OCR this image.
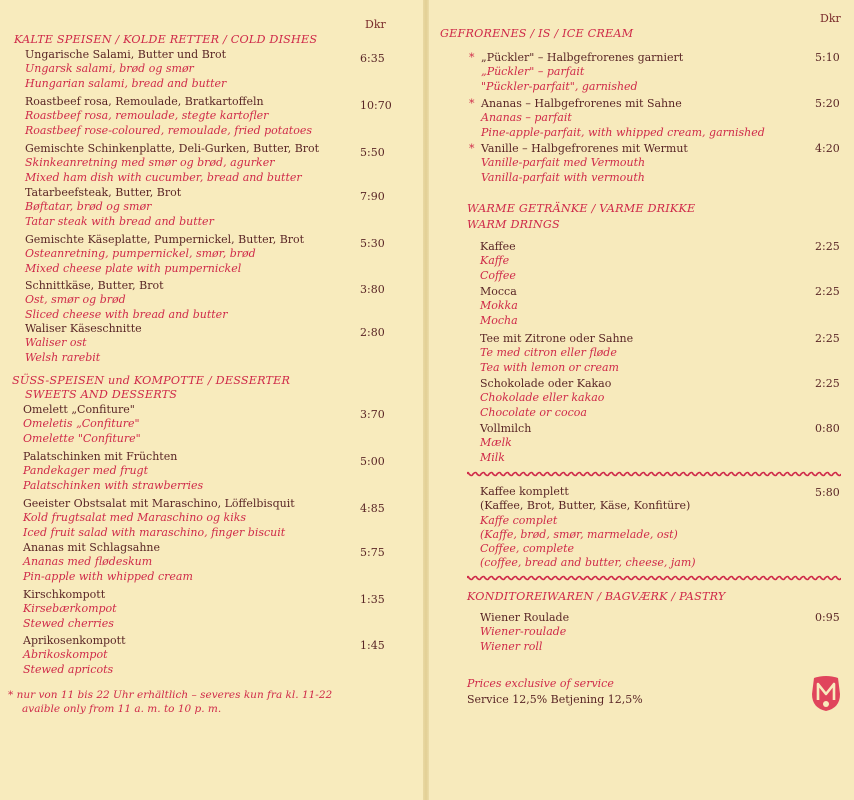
Dkr
KALTE SPEISEN / KOLDE RETTER / COLD DISHES
Ungarische Salami, Butter und Brot
Ungarsk salami, brød og smør
Hungarian salami, bread and butter
6:35
Roastbeef rosa, Remoulade, Bratkartoffeln
Roastbeef rosa, remoulade, stegte kartofler
Roastbeef rose-coloured, remoulade, fried potatoes
10:70
Gemischte Schinkenplatte, Deli-Gurken, Butter, Brot
Skinkeanretning med smør og brød, agurker
Mixed ham dish with cucumber, bread and butter
5:50
Tatarbeefsteak, Butter, Brot
Bøftatar, brød og smør
Tatar steak with bread and butter
7:90
Gemischte Käseplatte, Pumpernickel, Butter, Brot
Osteanretning, pumpernickel, smør, brød
Mixed cheese plate with pumpernickel
5:30
Schnittkäse, Butter, Brot
Ost, smør og brød
Sliced cheese with bread and butter
3:80
Waliser Käseschnitte
Waliser ost
Welsh rarebit
2:80
SÜSS-SPEISEN und KOMPOTTE / DESSERTER
SWEETS AND DESSERTS
Omelett „Confiture"
Omeletis „Confiture"
Omelette "Confiture"
3:70
Palatschinken mit Früchten
Pandekager med frugt
Palatschinken with strawberries
5:00
Geeister Obstsalat mit Maraschino, Löffelbisquit
Kold frugtsalat med Maraschino og kiks
Iced fruit salad with maraschino, finger biscuit
4:85
Ananas mit Schlagsahne
Ananas med flødeskum
Pin-apple with whipped cream
5:75
Kirschkompott
Kirsebærkompot
Stewed cherries
1:35
Aprikosenkompott
Abrikoskompot
Stewed apricots
1:45
* nur von 11 bis 22 Uhr erhältlich – severes kun fra kl. 11-22
avaible only from 11 a. m. to 10 p. m.
Dkr
GEFRORENES / IS / ICE CREAM
* „Pückler" – Halbgefrorenes garniert
„Pückler" – parfait
"Pückler-parfait", garnished
5:10
* Ananas – Halbgefrorenes mit Sahne
Ananas – parfait
Pine-apple-parfait, with whipped cream, garnished
5:20
* Vanille – Halbgefrorenes mit Wermut
Vanille-parfait med Vermouth
Vanilla-parfait with vermouth
4:20
WARME GETRÄNKE / VARME DRIKKE
WARM DRINGS
Kaffee
Kaffe
Coffee
2:25
Mocca
Mokka
Mocha
2:25
Tee mit Zitrone oder Sahne
Te med citron eller fløde
Tea with lemon or cream
2:25
Schokolade oder Kakao
Chokolade eller kakao
Chocolate or cocoa
2:25
Vollmilch
Mælk
Milk
0:80
Kaffee komplett
(Kaffee, Brot, Butter, Käse, Konfitüre)
Kaffe complet
(Kaffe, brød, smør, marmelade, ost)
Coffee, complete
(coffee, bread and butter, cheese, jam)
5:80
KONDITOREIWAREN / BAGVÆRK / PASTRY
Wiener Roulade
Wiener-roulade
Wiener roll
0:95
Prices exclusive of service
Service 12,5% Betjening 12,5%
